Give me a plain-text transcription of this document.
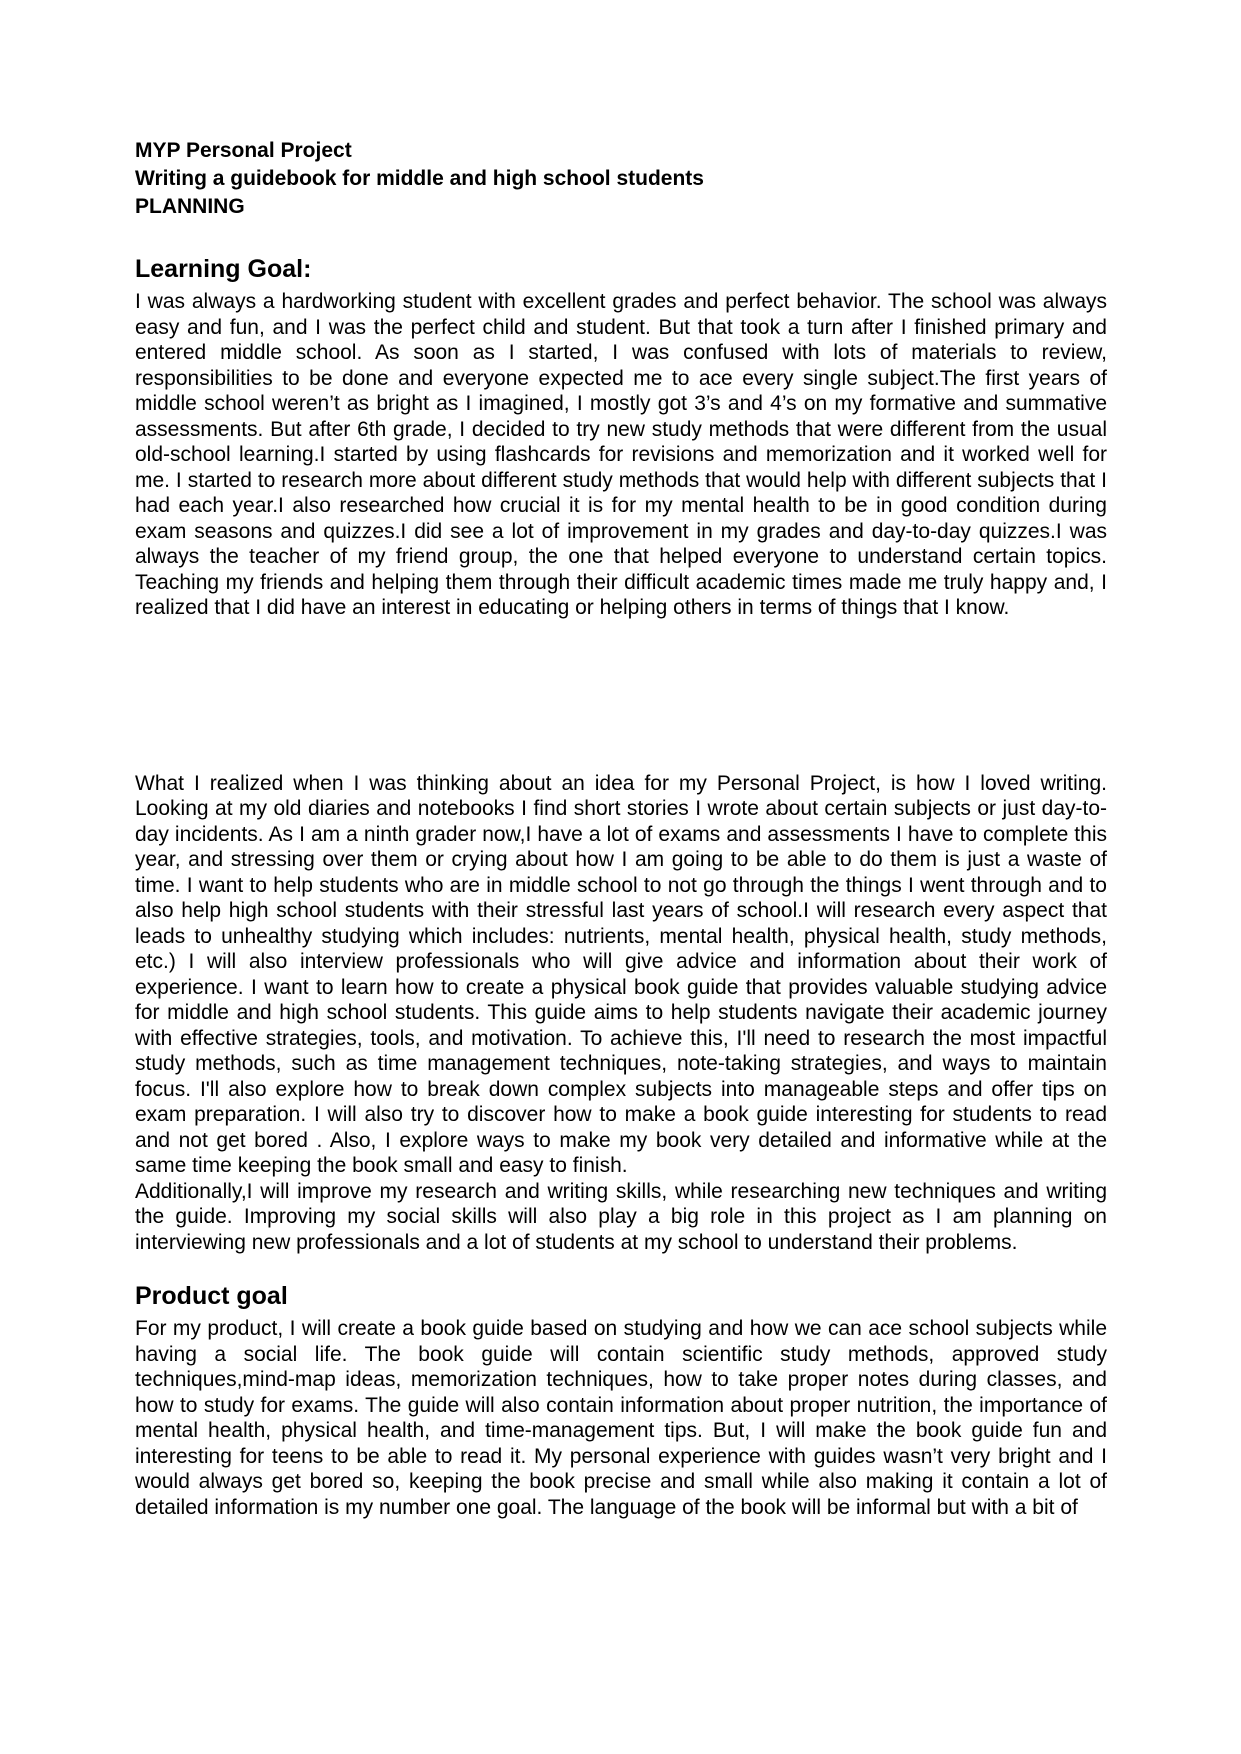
MYP Personal Project

Writing a guidebook for middle and high school students

PLANNING

Learning Goal:

I was always a hardworking student with excellent grades and perfect behavior. The school was always easy and fun, and I was the perfect child and student. But that took a turn after I finished primary and entered middle school. As soon as I started, I was confused with lots of materials to review, responsibilities to be done and everyone expected me to ace every single subject.The first years of middle school weren’t as bright as I imagined, I mostly got 3’s and 4’s on my formative and summative assessments. But after 6th grade, I decided to try new study methods that were different from the usual old-school learning.I started by using flashcards for revisions and memorization and it worked well for me. I started to research more about different study methods that would help with different subjects that I had each year.I also researched how crucial it is for my mental health to be in good condition during exam seasons and quizzes.I did see a lot of improvement in my grades and day-to-day quizzes.I was always the teacher of my friend group, the one that helped everyone to understand certain topics. Teaching my friends and helping them through their difficult academic times made me truly happy and, I realized that I did have an interest in educating or helping others in terms of things that I know.

What I realized when I was thinking about an idea for my Personal Project, is how I loved writing. Looking at my old diaries and notebooks I find short stories I wrote about certain subjects or just day-to-day incidents. As I am a ninth grader now,I have a lot of exams and assessments I have to complete this year, and stressing over them or crying about how I am going to be able to do them is just a waste of time. I want to help students who are in middle school to not go through the things I went through and to also help high school students with their stressful last years of school.I will research every aspect that leads to unhealthy studying which includes: nutrients, mental health, physical health, study methods, etc.) I will also interview professionals who will give advice and information about their work of experience. I want to learn how to create a physical book guide that provides valuable studying advice for middle and high school students. This guide aims to help students navigate their academic journey with effective strategies, tools, and motivation. To achieve this, I'll need to research the most impactful study methods, such as time management techniques, note-taking strategies, and ways to maintain focus. I'll also explore how to break down complex subjects into manageable steps and offer tips on exam preparation. I will also try to discover how to make a book guide interesting for students to read and not get bored . Also, I explore ways to make my book very detailed and informative while at the same time keeping the book small and easy to finish.

Additionally,I will improve my research and writing skills, while researching new techniques and writing the guide. Improving my social skills will also play a big role in this project as I am planning on interviewing new professionals and a lot of students at my school to understand their problems.

Product goal

For my product, I will create a book guide based on studying and how we can ace school subjects while having a social life. The book guide will contain scientific study methods, approved study techniques,mind-map ideas, memorization techniques, how to take proper notes during classes, and how to study for exams. The guide will also contain information about proper nutrition, the importance of mental health, physical health, and time-management tips. But, I will make the book guide fun and interesting for teens to be able to read it. My personal experience with guides wasn’t very bright and I would always get bored so, keeping the book precise and small while also making it contain a lot of detailed information is my number one goal. The language of the book will be informal but with a bit of
